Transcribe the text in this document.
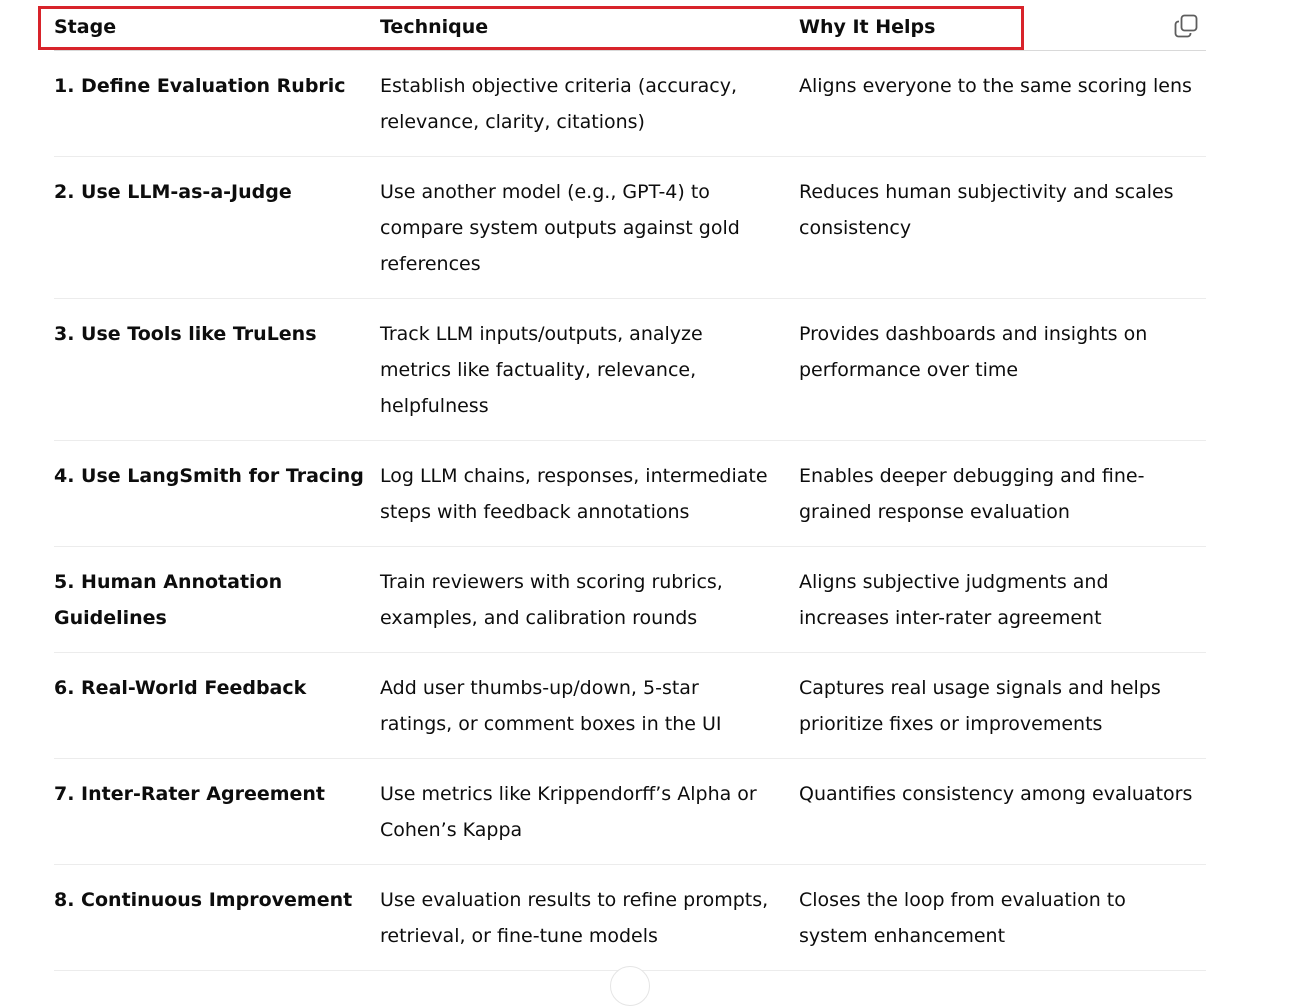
Stage	Technique	Why It Helps
1. Define Evaluation Rubric	Establish objective criteria (accuracy, relevance, clarity, citations)	Aligns everyone to the same scoring lens
2. Use LLM-as-a-Judge	Use another model (e.g., GPT-4) to compare system outputs against gold references	Reduces human subjectivity and scales consistency
3. Use Tools like TruLens	Track LLM inputs/outputs, analyze metrics like factuality, relevance, helpfulness	Provides dashboards and insights on performance over time
4. Use LangSmith for Tracing	Log LLM chains, responses, intermediate steps with feedback annotations	Enables deeper debugging and fine-grained response evaluation
5. Human Annotation Guidelines	Train reviewers with scoring rubrics, examples, and calibration rounds	Aligns subjective judgments and increases inter-rater agreement
6. Real-World Feedback	Add user thumbs-up/down, 5-star ratings, or comment boxes in the UI	Captures real usage signals and helps prioritize fixes or improvements
7. Inter-Rater Agreement	Use metrics like Krippendorff’s Alpha or Cohen’s Kappa	Quantifies consistency among evaluators
8. Continuous Improvement	Use evaluation results to refine prompts, retrieval, or fine-tune models	Closes the loop from evaluation to system enhancement
